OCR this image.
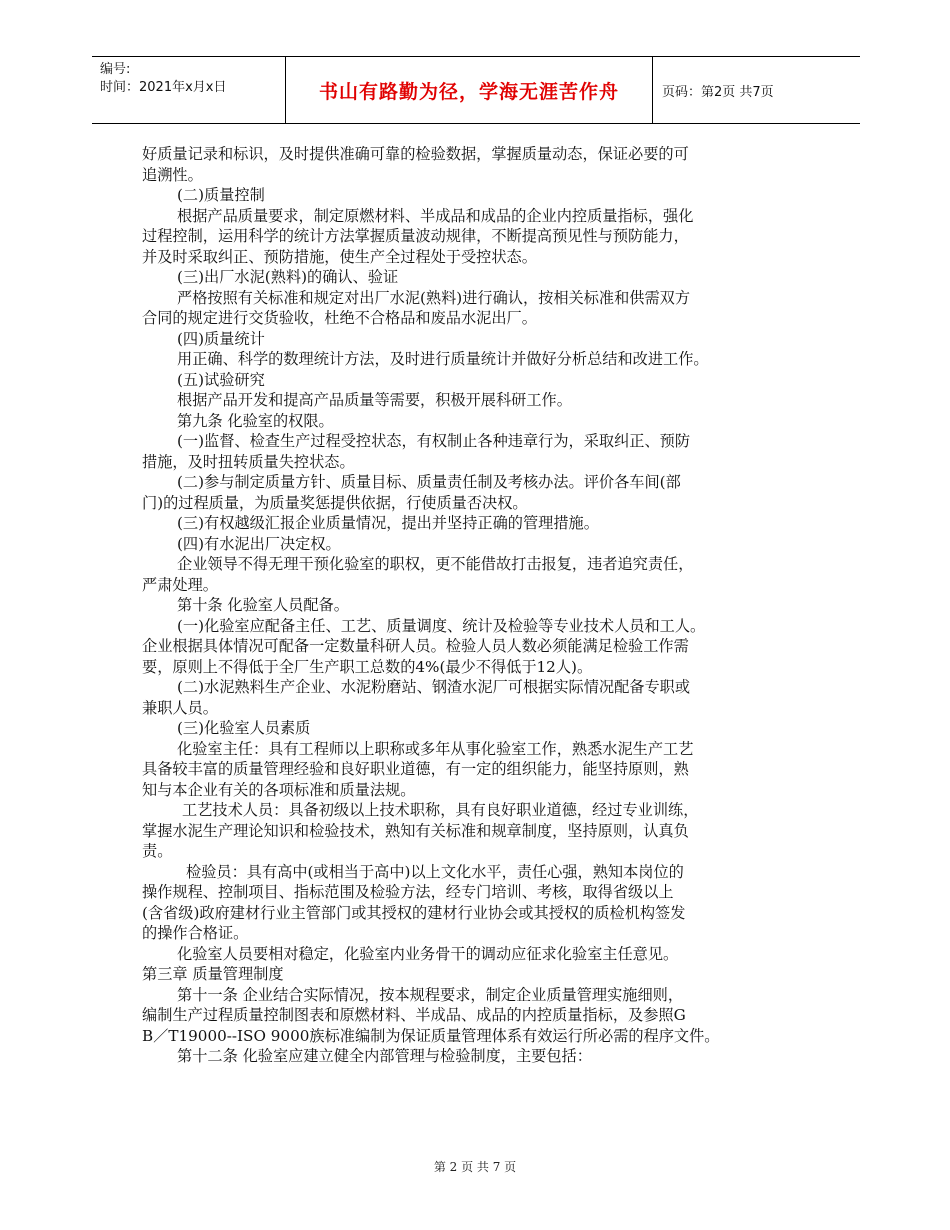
编号:
时间：2021年x月x日	书山有路勤为径，学海无涯苦作舟	页码：第2页 共7页

好质量记录和标识，及时提供准确可靠的检验数据，掌握质量动态，保证必要的可

追溯性。

(二)质量控制

根据产品质量要求，制定原燃材料、半成品和成品的企业内控质量指标，强化

过程控制，运用科学的统计方法掌握质量波动规律，不断提高预见性与预防能力，

并及时采取纠正、预防措施，使生产全过程处于受控状态。

(三)出厂水泥(熟料)的确认、验证

严格按照有关标准和规定对出厂水泥(熟料)进行确认，按相关标准和供需双方

合同的规定进行交货验收，杜绝不合格品和废品水泥出厂。

(四)质量统计

用正确、科学的数理统计方法，及时进行质量统计并做好分析总结和改进工作。

(五)试验研究

根据产品开发和提高产品质量等需要，积极开展科研工作。

第九条 化验室的权限。

(一)监督、检查生产过程受控状态，有权制止各种违章行为，采取纠正、预防

措施，及时扭转质量失控状态。

(二)参与制定质量方针、质量目标、质量责任制及考核办法。评价各车间(部

门)的过程质量，为质量奖惩提供依据，行使质量否决权。

(三)有权越级汇报企业质量情况，提出并坚持正确的管理措施。

(四)有水泥出厂决定权。

企业领导不得无理干预化验室的职权，更不能借故打击报复，违者追究责任，

严肃处理。

第十条 化验室人员配备。

(一)化验室应配备主任、工艺、质量调度、统计及检验等专业技术人员和工人。

企业根据具体情况可配备一定数量科研人员。检验人员人数必须能满足检验工作需

要，原则上不得低于全厂生产职工总数的4%(最少不得低于12人)。

(二)水泥熟料生产企业、水泥粉磨站、钢渣水泥厂可根据实际情况配备专职或

兼职人员。

(三)化验室人员素质

化验室主任：具有工程师以上职称或多年从事化验室工作，熟悉水泥生产工艺

具备较丰富的质量管理经验和良好职业道德，有一定的组织能力，能坚持原则，熟

知与本企业有关的各项标准和质量法规。

工艺技术人员：具备初级以上技术职称，具有良好职业道德，经过专业训练，

掌握水泥生产理论知识和检验技术，熟知有关标准和规章制度，坚持原则，认真负

责。

检验员：具有高中(或相当于高中)以上文化水平，责任心强，熟知本岗位的

操作规程、控制项目、指标范围及检验方法，经专门培训、考核，取得省级以上

(含省级)政府建材行业主管部门或其授权的建材行业协会或其授权的质检机构签发

的操作合格证。

化验室人员要相对稳定，化验室内业务骨干的调动应征求化验室主任意见。

第三章 质量管理制度

第十一条 企业结合实际情况，按本规程要求，制定企业质量管理实施细则，

编制生产过程质量控制图表和原燃材料、半成品、成品的内控质量指标，及参照G

B／T19000--ISO 9000族标准编制为保证质量管理体系有效运行所必需的程序文件。

第十二条 化验室应建立健全内部管理与检验制度，主要包括：

第 2 页 共 7 页
